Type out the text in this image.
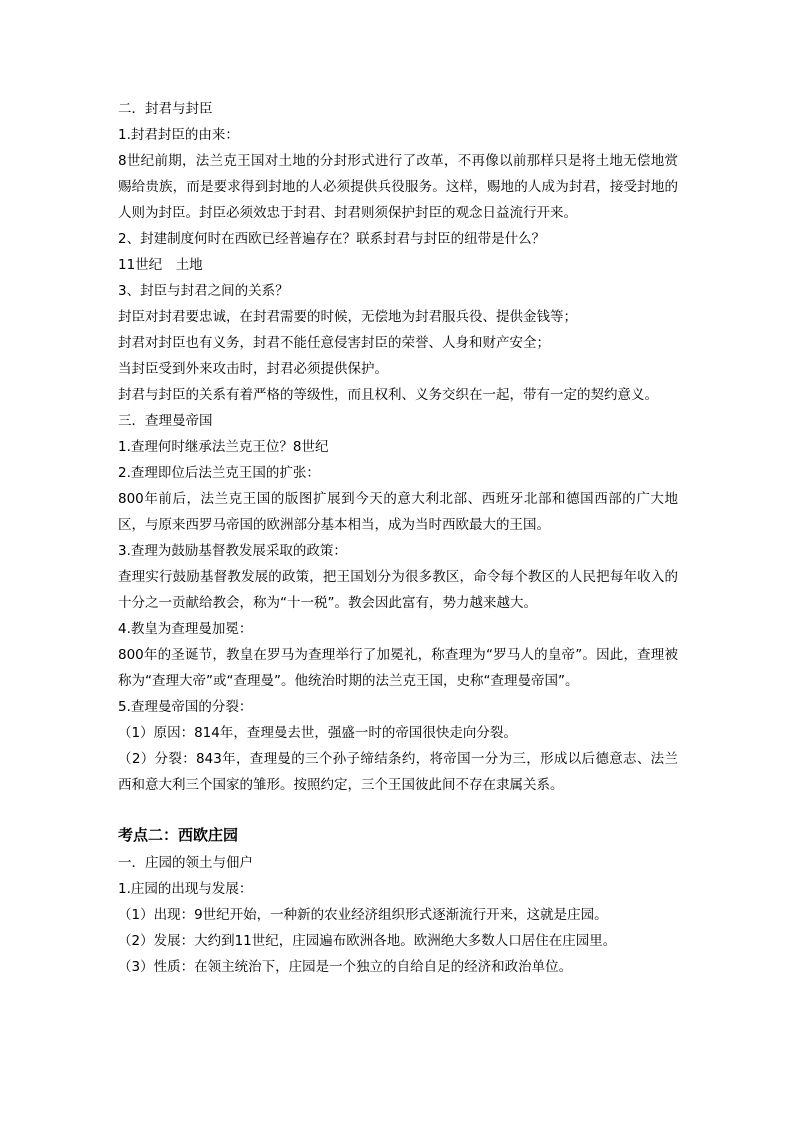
二．封君与封臣

1.封君封臣的由来：

8世纪前期，法兰克王国对土地的分封形式进行了改革，不再像以前那样只是将土地无偿地赏赐给贵族，而是要求得到封地的人必须提供兵役服务。这样，赐地的人成为封君，接受封地的人则为封臣。封臣必须效忠于封君、封君则须保护封臣的观念日益流行开来。

2、封建制度何时在西欧已经普遍存在？联系封君与封臣的纽带是什么？

11世纪　土地

3、封臣与封君之间的关系？

封臣对封君要忠诚，在封君需要的时候，无偿地为封君服兵役、提供金钱等；

封君对封臣也有义务，封君不能任意侵害封臣的荣誉、人身和财产安全；

当封臣受到外来攻击时，封君必须提供保护。

封君与封臣的关系有着严格的等级性，而且权利、义务交织在一起，带有一定的契约意义。

三．查理曼帝国

1.查理何时继承法兰克王位？8世纪

2.查理即位后法兰克王国的扩张：

800年前后，法兰克王国的版图扩展到今天的意大利北部、西班牙北部和德国西部的广大地区，与原来西罗马帝国的欧洲部分基本相当，成为当时西欧最大的王国。

3.查理为鼓励基督教发展采取的政策：

查理实行鼓励基督教发展的政策，把王国划分为很多教区，命令每个教区的人民把每年收入的十分之一贡献给教会，称为“十一税”。教会因此富有，势力越来越大。

4.教皇为查理曼加冕：

800年的圣诞节，教皇在罗马为查理举行了加冕礼，称查理为“罗马人的皇帝”。因此，查理被称为“查理大帝”或“查理曼”。他统治时期的法兰克王国，史称“查理曼帝国”。

5.查理曼帝国的分裂：

（1）原因：814年，查理曼去世，强盛一时的帝国很快走向分裂。

（2）分裂：843年，查理曼的三个孙子缔结条约，将帝国一分为三，形成以后德意志、法兰西和意大利三个国家的雏形。按照约定，三个王国彼此间不存在隶属关系。

考点二：西欧庄园

一．庄园的领土与佃户

1.庄园的出现与发展：

（1）出现：9世纪开始，一种新的农业经济组织形式逐渐流行开来，这就是庄园。

（2）发展：大约到11世纪，庄园遍布欧洲各地。欧洲绝大多数人口居住在庄园里。

（3）性质：在领主统治下，庄园是一个独立的自给自足的经济和政治单位。
